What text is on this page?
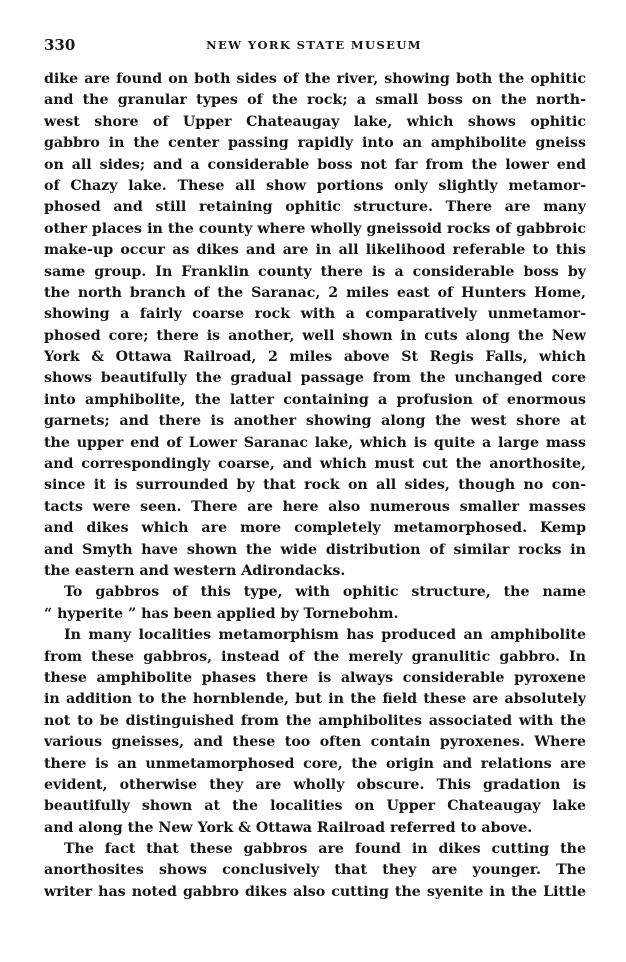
330	NEW YORK STATE MUSEUM
dike are found on both sides of the river, showing both the ophitic
and the granular types of the rock; a small boss on the north-
west shore of Upper Chateaugay lake, which shows ophitic
gabbro in the center passing rapidly into an amphibolite gneiss
on all sides; and a considerable boss not far from the lower end
of Chazy lake. These all show portions only slightly metamor-
phosed and still retaining ophitic structure. There are many
other places in the county where wholly gneissoid rocks of gabbroic
make-up occur as dikes and are in all likelihood referable to this
same group. In Franklin county there is a considerable boss by
the north branch of the Saranac, 2 miles east of Hunters Home,
showing a fairly coarse rock with a comparatively unmetamor-
phosed core; there is another, well shown in cuts along the New
York & Ottawa Railroad, 2 miles above St Regis Falls, which
shows beautifully the gradual passage from the unchanged core
into amphibolite, the latter containing a profusion of enormous
garnets; and there is another showing along the west shore at
the upper end of Lower Saranac lake, which is quite a large mass
and correspondingly coarse, and which must cut the anorthosite,
since it is surrounded by that rock on all sides, though no con-
tacts were seen. There are here also numerous smaller masses
and dikes which are more completely metamorphosed. Kemp
and Smyth have shown the wide distribution of similar rocks in
the eastern and western Adirondacks.
To gabbros of this type, with ophitic structure, the name
“ hyperite ” has been applied by Tornebohm.
In many localities metamorphism has produced an amphibolite
from these gabbros, instead of the merely granulitic gabbro. In
these amphibolite phases there is always considerable pyroxene
in addition to the hornblende, but in the field these are absolutely
not to be distinguished from the amphibolites associated with the
various gneisses, and these too often contain pyroxenes. Where
there is an unmetamorphosed core, the origin and relations are
evident, otherwise they are wholly obscure. This gradation is
beautifully shown at the localities on Upper Chateaugay lake
and along the New York & Ottawa Railroad referred to above.
The fact that these gabbros are found in dikes cutting the
anorthosites shows conclusively that they are younger. The
writer has noted gabbro dikes also cutting the syenite in the Little
